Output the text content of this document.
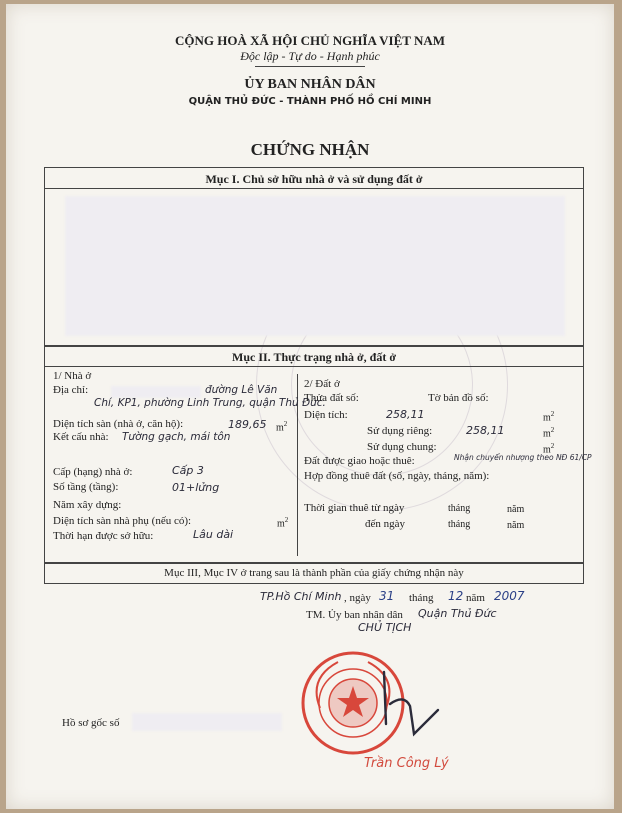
CỘNG HOÀ XÃ HỘI CHỦ NGHĨA VIỆT NAM
Độc lập - Tự do - Hạnh phúc
ỦY BAN NHÂN DÂN
QUẬN THỦ ĐỨC - THÀNH PHỐ HỒ CHÍ MINH
CHỨNG NHẬN
Mục I. Chủ sở hữu nhà ở và sử dụng đất ở
Mục II. Thực trạng nhà ở, đất ở
1/ Nhà ở
Địa chỉ:	đường Lê Văn
Chí, KP1, phường Linh Trung, quận Thủ Đức.
Diện tích sàn (nhà ở, căn hộ):	189,65 $m^2$
Kết cấu nhà: Tường gạch, mái tôn
Cấp (hạng) nhà ở:	Cấp 3
Số tầng (tầng):	01+lửng
Năm xây dựng:
Diện tích sàn nhà phụ (nếu có):	$m^2$
Thời hạn được sở hữu:	Lâu dài
2/ Đất ở
Thửa đất số:	Tờ bản đồ số:
Diện tích:	258,11	$m^2$
Sử dụng riêng:	258,11	$m^2$
Sử dụng chung:	$m^2$
Đất được giao hoặc thuê:	Nhận chuyển nhượng theo NĐ 61/CP
Hợp đồng thuê đất (số, ngày, tháng, năm):
Thời gian thuê từ ngày	tháng	năm
đến ngày	tháng	năm
Mục III, Mục IV ở trang sau là thành phần của giấy chứng nhận này
TP.Hồ Chí Minh , ngày 31 tháng 12 năm 2007
TM. Ủy ban nhân dân Quận Thủ Đức
CHỦ TỊCH
Trần Công Lý
Hồ sơ gốc số
